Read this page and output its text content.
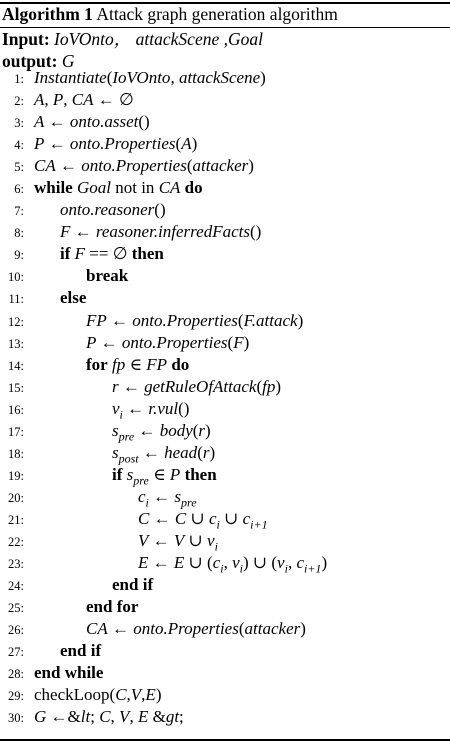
Algorithm 1 Attack graph generation algorithm
Input: IoVOnto， attackScene ,Goal
output: G
1: Instantiate(IoVOnto, attackScene)
2: A, P, CA ← ∅
3: A ← onto.asset()
4: P ← onto.Properties(A)
5: CA ← onto.Properties(attacker)
6: while Goal not in CA do
7: onto.reasoner()
8: F ← reasoner.inferredFacts()
9: if F == ∅ then
10:	break
11: else
12:	FP ← onto.Properties(F.attack)
13:	P ← onto.Properties(F)
14:	for fp ∈ FP do
15:	r ← getRuleOfAttack(fp)
16:	$v_i$ ← r.vul()
17:	$s_{pre}$ ← body(r)
18:	$s_{post}$ ← head(r)
19:	if $s_{pre}$ ∈ P then
20:	$c_i$ ← $s_{pre}$
21:	C ← C ∪ $c_i$ ∪ $c_{i+1}$
22:	V ← V ∪ $v_i$
23:	E ← E ∪ ($c_i$, $v_i$) ∪ ($v_i$, $c_{i+1}$)
24:	end if
25:	end for
26:	CA ← onto.Properties(attacker)
27: end if
28: end while
29: checkLoop(C,V,E)
30: G ←&lt; C, V, E &gt;
